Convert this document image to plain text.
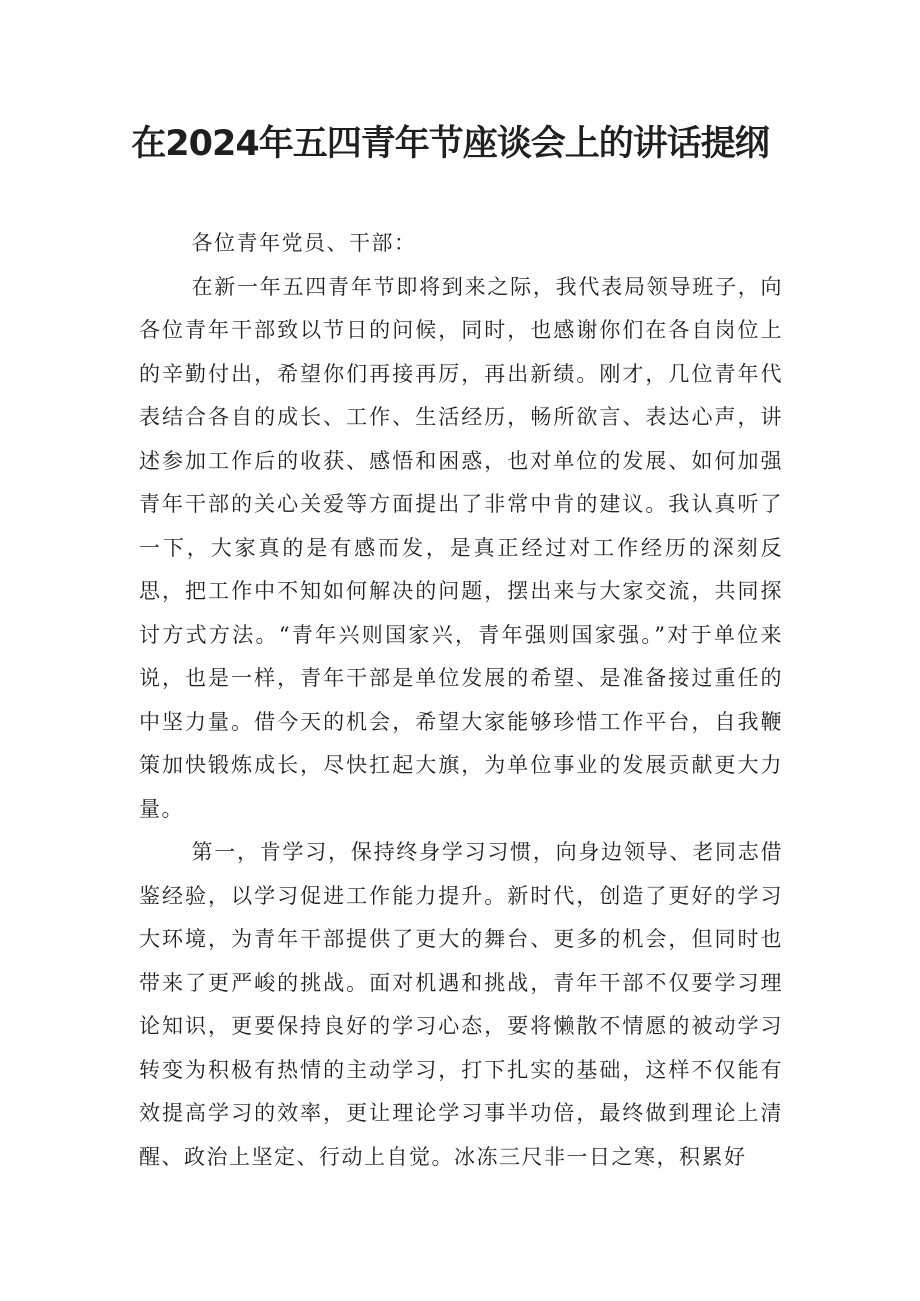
在2024年五四青年节座谈会上的讲话提纲

各位青年党员、干部：

在新一年五四青年节即将到来之际，我代表局领导班子，向各位青年干部致以节日的问候，同时，也感谢你们在各自岗位上的辛勤付出，希望你们再接再厉，再出新绩。刚才，几位青年代表结合各自的成长、工作、生活经历，畅所欲言、表达心声，讲述参加工作后的收获、感悟和困惑，也对单位的发展、如何加强青年干部的关心关爱等方面提出了非常中肯的建议。我认真听了一下，大家真的是有感而发，是真正经过对工作经历的深刻反思，把工作中不知如何解决的问题，摆出来与大家交流，共同探讨方式方法。“青年兴则国家兴，青年强则国家强。”对于单位来说，也是一样，青年干部是单位发展的希望、是准备接过重任的中坚力量。借今天的机会，希望大家能够珍惜工作平台，自我鞭策加快锻炼成长，尽快扛起大旗，为单位事业的发展贡献更大力量。

第一，肯学习，保持终身学习习惯，向身边领导、老同志借鉴经验，以学习促进工作能力提升。新时代，创造了更好的学习大环境，为青年干部提供了更大的舞台、更多的机会，但同时也带来了更严峻的挑战。面对机遇和挑战，青年干部不仅要学习理论知识，更要保持良好的学习心态，要将懒散不情愿的被动学习转变为积极有热情的主动学习，打下扎实的基础，这样不仅能有效提高学习的效率，更让理论学习事半功倍，最终做到理论上清醒、政治上坚定、行动上自觉。冰冻三尺非一日之寒，积累好
